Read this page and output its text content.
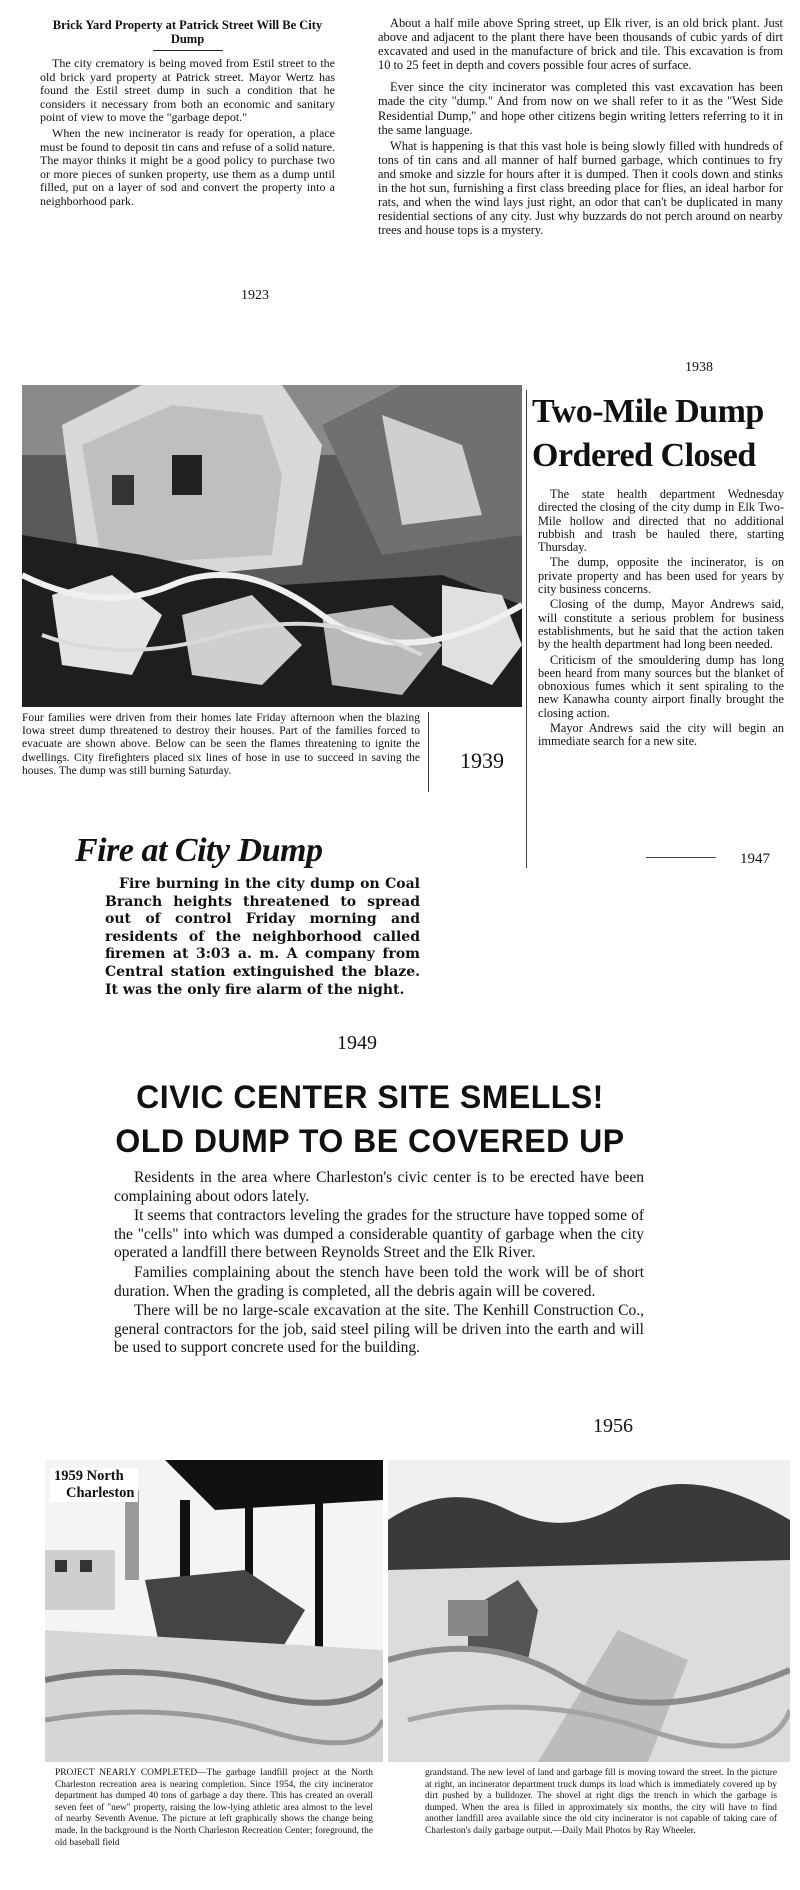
Brick Yard Property at Patrick Street Will Be City Dump

The city crematory is being moved from Estil street to the old brick yard property at Patrick street. Mayor Wertz has found the Estil street dump in such a condition that he considers it necessary from both an economic and sanitary point of view to move the "garbage depot."

When the new incinerator is ready for operation, a place must be found to deposit tin cans and refuse of a solid nature. The mayor thinks it might be a good policy to purchase two or more pieces of sunken property, use them as a dump until filled, put on a layer of sod and convert the property into a neighborhood park.

1923

About a half mile above Spring street, up Elk river, is an old brick plant. Just above and adjacent to the plant there have been thousands of cubic yards of dirt excavated and used in the manufacture of brick and tile. This excavation is from 10 to 25 feet in depth and covers possible four acres of surface.

Ever since the city incinerator was completed this vast excavation has been made the city "dump." And from now on we shall refer to it as the "West Side Residential Dump," and hope other citizens begin writing letters referring to it in the same language.

What is happening is that this vast hole is being slowly filled with hundreds of tons of tin cans and all manner of half burned garbage, which continues to fry and smoke and sizzle for hours after it is dumped. Then it cools down and stinks in the hot sun, furnishing a first class breeding place for flies, an ideal harbor for rats, and when the wind lays just right, an odor that can't be duplicated in many residential sections of any city. Just why buzzards do not perch around on nearby trees and house tops is a mystery.

1938
Four families were driven from their homes late Friday afternoon when the blazing Iowa street dump threatened to destroy their houses. Part of the families forced to evacuate are shown above. Below can be seen the flames threatening to ignite the dwellings. City firefighters placed six lines of hose in use to succeed in saving the houses. The dump was still burning Saturday.	1939
Two-Mile Dump
Ordered Closed

The state health department Wednesday directed the closing of the city dump in Elk Two-Mile hollow and directed that no additional rubbish and trash be hauled there, starting Thursday.

The dump, opposite the incinerator, is on private property and has been used for years by city business concerns.

Closing of the dump, Mayor Andrews said, will constitute a serious problem for business establishments, but he said that the action taken by the health department had long been needed.

Criticism of the smouldering dump has long been heard from many sources but the blanket of obnoxious fumes which it sent spiraling to the new Kanawha county airport finally brought the closing action.

Mayor Andrews said the city will begin an immediate search for a new site.

1947
Fire at City Dump
Fire burning in the city dump on Coal Branch heights threatened to spread out of control Friday morning and residents of the neighborhood called firemen at 3:03 a. m. A company from Central station extinguished the blaze. It was the only fire alarm of the night.
1949
CIVIC CENTER SITE SMELLS!
OLD DUMP TO BE COVERED UP

Residents in the area where Charleston's civic center is to be erected have been complaining about odors lately.

It seems that contractors leveling the grades for the structure have topped some of the "cells" into which was dumped a considerable quantity of garbage when the city operated a landfill there between Reynolds Street and the Elk River.

Families complaining about the stench have been told the work will be of short duration. When the grading is completed, all the debris again will be covered.

There will be no large-scale excavation at the site. The Kenhill Construction Co., general contractors for the job, said steel piling will be driven into the earth and will be used to support concrete used for the building.

1956
1959 North
Charleston
PROJECT NEARLY COMPLETED—The garbage landfill project at the North Charleston recreation area is nearing completion. Since 1954, the city incinerator department has dumped 40 tons of garbage a day there. This has created an overall seven feet of "new" property, raising the low-lying athletic area almost to the level of nearby Seventh Avenue. The picture at left graphically shows the change being made. In the background is the North Charleston Recreation Center; foreground, the old baseball field
grandstand. The new level of land and garbage fill is moving toward the street. In the picture at right, an incinerator department truck dumps its load which is immediately covered up by dirt pushed by a bulldozer. The shovel at right digs the trench in which the garbage is dumped. When the area is filled in approximately six months, the city will have to find another landfill area available since the old city incinerator is not capable of taking care of Charleston's daily garbage output.—Daily Mail Photos by Ray Wheeler.
